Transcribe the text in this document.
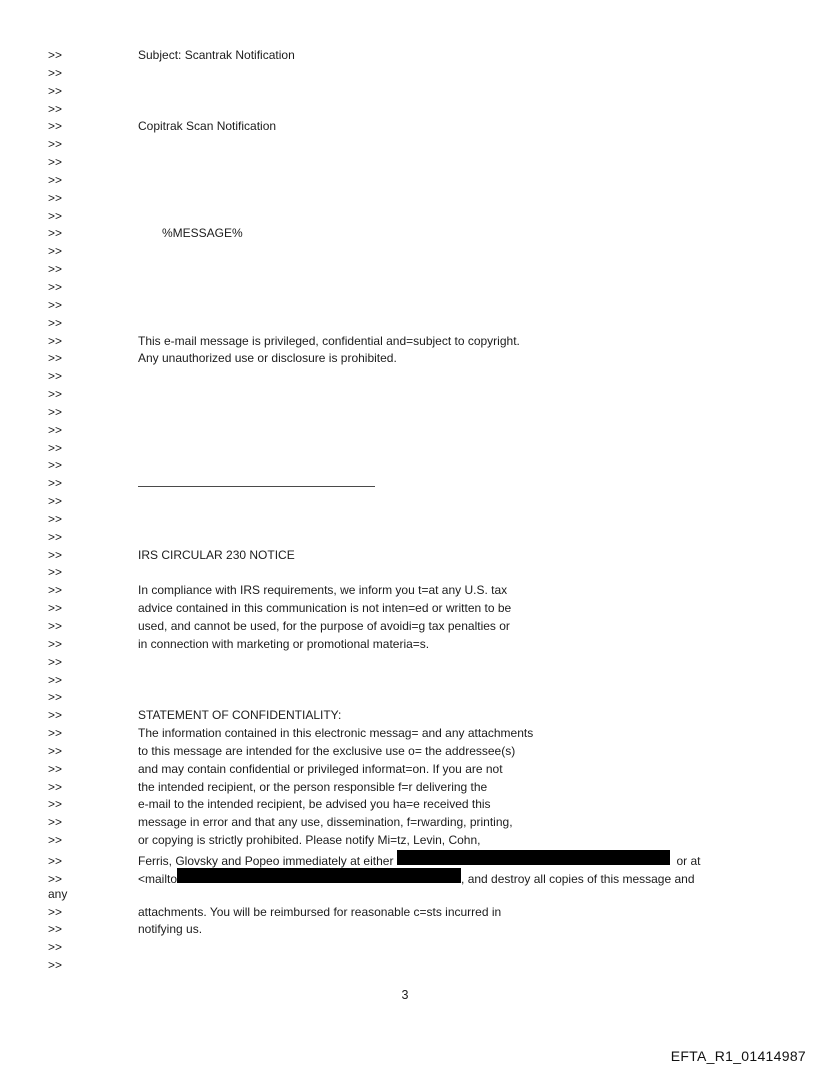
>>	Subject: Scantrak Notification
>>
>>
>>
>>	Copitrak Scan Notification
>>
>>
>>
>>
>>
>>	%MESSAGE%
>>
>>
>>
>>
>>
>>	This e-mail message is privileged, confidential and=subject to copyright.
>>	Any unauthorized use or disclosure is prohibited.
>>
>>
>>
>>
>>
>>
>>
>>
>>
>>
>>	IRS CIRCULAR 230 NOTICE
>>
>>	In compliance with IRS requirements, we inform you t=at any U.S. tax
>>	advice contained in this communication is not inten=ed or written to be
>>	used, and cannot be used, for the purpose of avoidi=g tax penalties or
>>	in connection with marketing or promotional materia=s.
>>
>>
>>
>>	STATEMENT OF CONFIDENTIALITY:
>>	The information contained in this electronic messag= and any attachments
>>	to this message are intended for the exclusive use o= the addressee(s)
>>	and may contain confidential or privileged informat=on. If you are not
>>	the intended recipient, or the person responsible f=r delivering the
>>	e-mail to the intended recipient, be advised you ha=e received this
>>	message in error and that any use, dissemination, f=rwarding, printing,
>>	or copying is strictly prohibited. Please notify Mi=tz, Levin, Cohn,
>>	Ferris, Glovsky and Popeo immediately at either	or at
>>	<mailto	, and destroy all copies of this message and
any
>>	attachments. You will be reimbursed for reasonable c=sts incurred in
>>	notifying us.
>>
>>
3
EFTA_R1_01414987
